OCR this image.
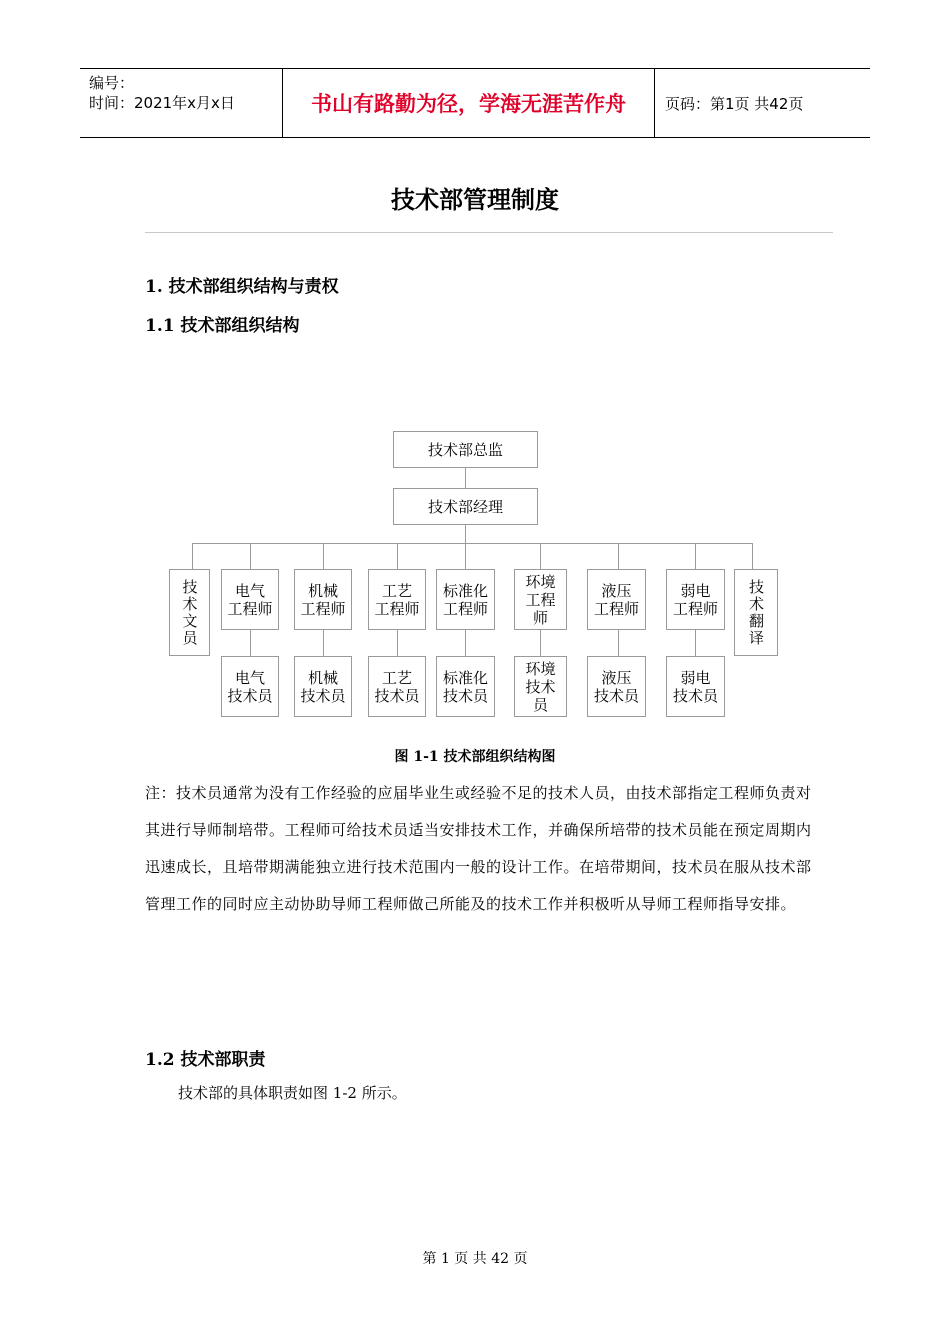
编号：
时间：2021年x月x日	书山有路勤为径，学海无涯苦作舟	页码：第1页 共42页
技术部管理制度
1. 技术部组织结构与责权
1.1 技术部组织结构
技术部总监
技术部经理
技术文员	技术翻译
电气
工程师
机械
工程师
工艺
工程师
标准化
工程师
环境
工程
师
液压
工程师
弱电
工程师
电气
技术员
机械
技术员
工艺
技术员
标准化
技术员
环境
技术
员
液压
技术员
弱电
技术员
图 1-1 技术部组织结构图
注：技术员通常为没有工作经验的应届毕业生或经验不足的技术人员，由技术部指定工程师负责对其进行导师制培带。工程师可给技术员适当安排技术工作，并确保所培带的技术员能在预定周期内迅速成长，且培带期满能独立进行技术范围内一般的设计工作。在培带期间，技术员在服从技术部管理工作的同时应主动协助导师工程师做己所能及的技术工作并积极听从导师工程师指导安排。
1.2 技术部职责
技术部的具体职责如图 1-2 所示。
第 1 页 共 42 页
